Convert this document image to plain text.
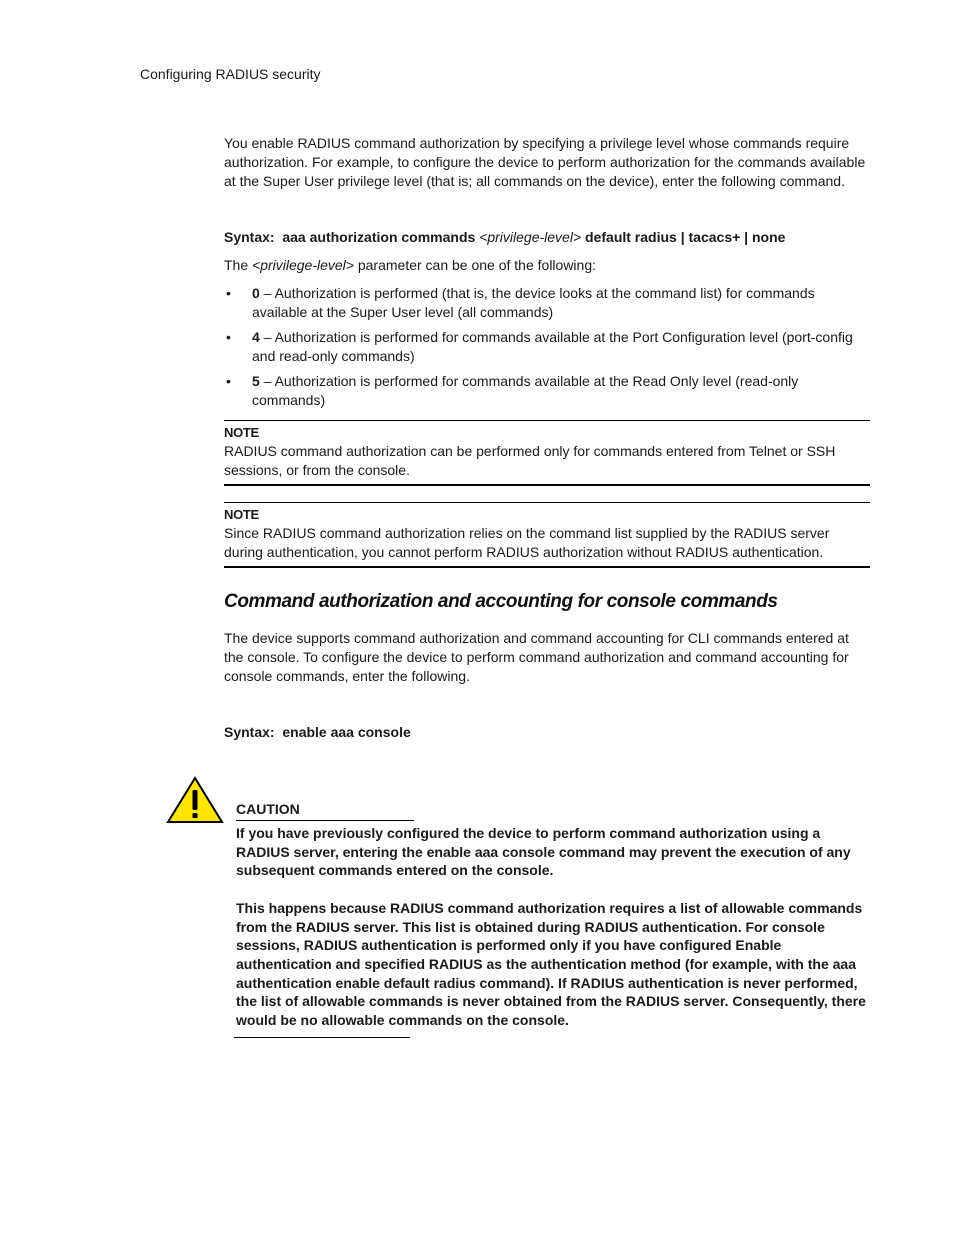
Configuring RADIUS security

You enable RADIUS command authorization by specifying a privilege level whose commands require authorization. For example, to configure the device to perform authorization for the commands available at the Super User privilege level (that is; all commands on the device), enter the following command.

Syntax: aaa authorization commands <privilege-level> default radius | tacacs+ | none

The <privilege-level> parameter can be one of the following:

• 0 – Authorization is performed (that is, the device looks at the command list) for commands available at the Super User level (all commands)
• 4 – Authorization is performed for commands available at the Port Configuration level (port-config and read-only commands)
• 5 – Authorization is performed for commands available at the Read Only level (read-only commands)
NOTE

RADIUS command authorization can be performed only for commands entered from Telnet or SSH sessions, or from the console.

NOTE

Since RADIUS command authorization relies on the command list supplied by the RADIUS server during authentication, you cannot perform RADIUS authorization without RADIUS authentication.

Command authorization and accounting for console commands

The device supports command authorization and command accounting for CLI commands entered at the console. To configure the device to perform command authorization and command accounting for console commands, enter the following.

Syntax: enable aaa console

CAUTION

If you have previously configured the device to perform command authorization using a RADIUS server, entering the enable aaa console command may prevent the execution of any subsequent commands entered on the console.

This happens because RADIUS command authorization requires a list of allowable commands from the RADIUS server. This list is obtained during RADIUS authentication. For console sessions, RADIUS authentication is performed only if you have configured Enable authentication and specified RADIUS as the authentication method (for example, with the aaa authentication enable default radius command). If RADIUS authentication is never performed, the list of allowable commands is never obtained from the RADIUS server. Consequently, there would be no allowable commands on the console.
